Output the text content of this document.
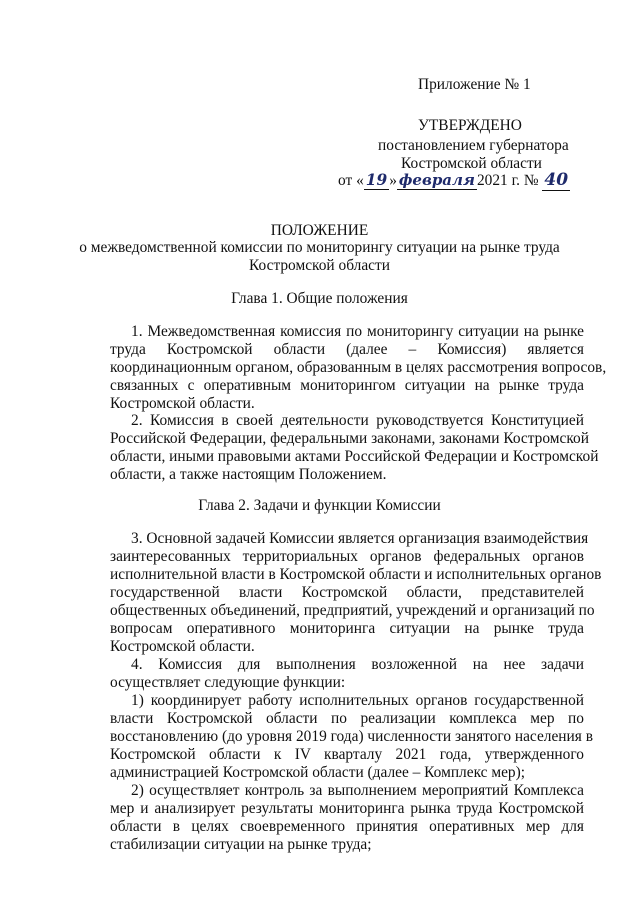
Приложение № 1
УТВЕРЖДЕНО
постановлением губернатора
Костромской области
от « 19 » февраля 2021 г. № 40
ПОЛОЖЕНИЕ
о межведомственной комиссии по мониторингу ситуации на рынке труда
Костромской области
Глава 1. Общие положения
1. Межведомственная комиссия по мониторингу ситуации на рынке
труда Костромской области (далее – Комиссия) является
координационным органом, образованным в целях рассмотрения вопросов,
связанных с оперативным мониторингом ситуации на рынке труда
Костромской области.
2. Комиссия в своей деятельности руководствуется Конституцией
Российской Федерации, федеральными законами, законами Костромской
области, иными правовыми актами Российской Федерации и Костромской
области, а также настоящим Положением.
Глава 2. Задачи и функции Комиссии
3. Основной задачей Комиссии является организация взаимодействия
заинтересованных территориальных органов федеральных органов
исполнительной власти в Костромской области и исполнительных органов
государственной власти Костромской области, представителей
общественных объединений, предприятий, учреждений и организаций по
вопросам оперативного мониторинга ситуации на рынке труда
Костромской области.
4. Комиссия для выполнения возложенной на нее задачи
осуществляет следующие функции:
1) координирует работу исполнительных органов государственной
власти Костромской области по реализации комплекса мер по
восстановлению (до уровня 2019 года) численности занятого населения в
Костромской области к IV кварталу 2021 года, утвержденного
администрацией Костромской области (далее – Комплекс мер);
2) осуществляет контроль за выполнением мероприятий Комплекса
мер и анализирует результаты мониторинга рынка труда Костромской
области в целях своевременного принятия оперативных мер для
стабилизации ситуации на рынке труда;
